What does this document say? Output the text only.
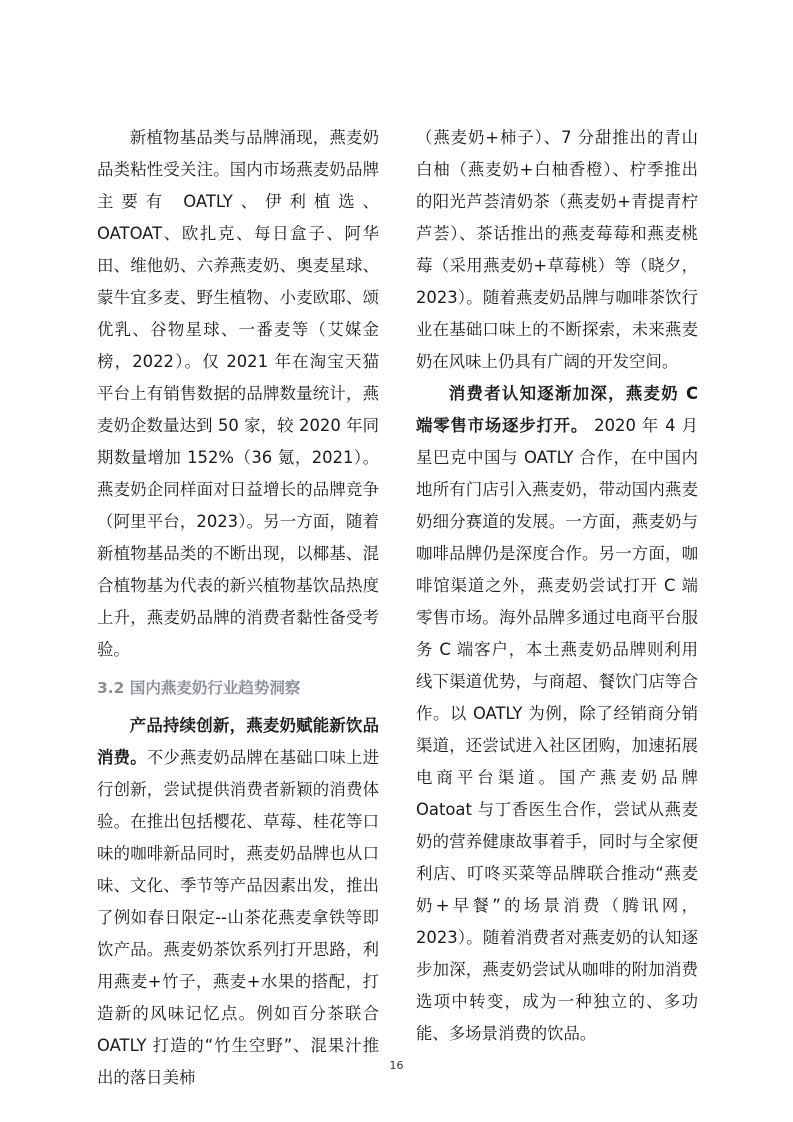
新植物基品类与品牌涌现，燕麦奶品类粘性受关注。国内市场燕麦奶品牌主要有 OATLY、伊利植选、OATOAT、欧扎克、每日盒子、阿华田、维他奶、六养燕麦奶、奥麦星球、蒙牛宜多麦、野生植物、小麦欧耶、颂优乳、谷物星球、一番麦等（艾媒金榜，2022）。仅 2021 年在淘宝天猫平台上有销售数据的品牌数量统计，燕麦奶企数量达到 50 家，较 2020 年同期数量增加 152%（36 氪，2021）。燕麦奶企同样面对日益增长的品牌竞争（阿里平台，2023）。另一方面，随着新植物基品类的不断出现，以椰基、混合植物基为代表的新兴植物基饮品热度上升，燕麦奶品牌的消费者黏性备受考验。

3.2 国内燕麦奶行业趋势洞察

产品持续创新，燕麦奶赋能新饮品消费。不少燕麦奶品牌在基础口味上进行创新，尝试提供消费者新颖的消费体验。在推出包括樱花、草莓、桂花等口味的咖啡新品同时，燕麦奶品牌也从口味、文化、季节等产品因素出发，推出了例如春日限定--山茶花燕麦拿铁等即饮产品。燕麦奶茶饮系列打开思路，利用燕麦+竹子，燕麦+水果的搭配，打造新的风味记忆点。例如百分茶联合 OATLY 打造的“竹生空野”、混果汁推出的落日美柿

（燕麦奶+柿子）、7 分甜推出的青山白柚（燕麦奶+白柚香橙）、柠季推出的阳光芦荟清奶茶（燕麦奶+青提青柠芦荟）、茶话推出的燕麦莓莓和燕麦桃莓（采用燕麦奶+草莓桃）等（晓夕，2023）。随着燕麦奶品牌与咖啡茶饮行业在基础口味上的不断探索，未来燕麦奶在风味上仍具有广阔的开发空间。

消费者认知逐渐加深，燕麦奶 C 端零售市场逐步打开。 2020 年 4 月星巴克中国与 OATLY 合作，在中国内地所有门店引入燕麦奶，带动国内燕麦奶细分赛道的发展。一方面，燕麦奶与咖啡品牌仍是深度合作。另一方面，咖啡馆渠道之外，燕麦奶尝试打开 C 端零售市场。海外品牌多通过电商平台服务 C 端客户，本土燕麦奶品牌则利用线下渠道优势，与商超、餐饮门店等合作。以 OATLY 为例，除了经销商分销渠道，还尝试进入社区团购，加速拓展电商平台渠道。国产燕麦奶品牌 Oatoat 与丁香医生合作，尝试从燕麦奶的营养健康故事着手，同时与全家便利店、叮咚买菜等品牌联合推动“燕麦奶+早餐”的场景消费（腾讯网，2023）。随着消费者对燕麦奶的认知逐步加深，燕麦奶尝试从咖啡的附加消费选项中转变，成为一种独立的、多功能、多场景消费的饮品。

16
